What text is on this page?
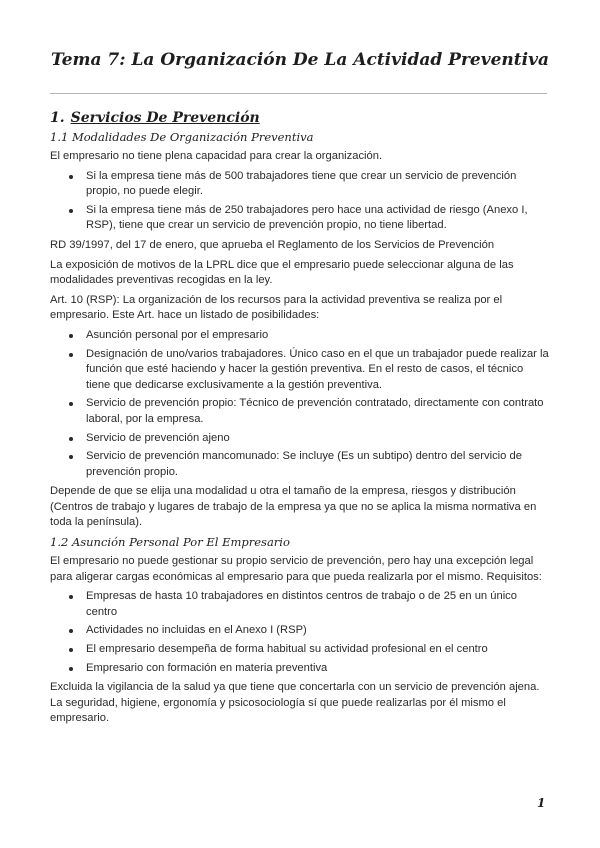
Tema 7: La Organización De La Actividad Preventiva
1. Servicios De Prevención
1.1 Modalidades De Organización Preventiva

El empresario no tiene plena capacidad para crear la organización.

Si la empresa tiene más de 500 trabajadores tiene que crear un servicio de prevención propio, no puede elegir.
Si la empresa tiene más de 250 trabajadores pero hace una actividad de riesgo (Anexo I, RSP), tiene que crear un servicio de prevención propio, no tiene libertad.

RD 39/1997, del 17 de enero, que aprueba el Reglamento de los Servicios de Prevención

La exposición de motivos de la LPRL dice que el empresario puede seleccionar alguna de las modalidades preventivas recogidas en la ley.

Art. 10 (RSP): La organización de los recursos para la actividad preventiva se realiza por el empresario. Este Art. hace un listado de posibilidades:

Asunción personal por el empresario
Designación de uno/varios trabajadores. Único caso en el que un trabajador puede realizar la función que esté haciendo y hacer la gestión preventiva. En el resto de casos, el técnico tiene que dedicarse exclusivamente a la gestión preventiva.
Servicio de prevención propio: Técnico de prevención contratado, directamente con contrato laboral, por la empresa.
Servicio de prevención ajeno
Servicio de prevención mancomunado: Se incluye (Es un subtipo) dentro del servicio de prevención propio.

Depende de que se elija una modalidad u otra el tamaño de la empresa, riesgos y distribución (Centros de trabajo y lugares de trabajo de la empresa ya que no se aplica la misma normativa en toda la península).

1.2 Asunción Personal Por El Empresario

El empresario no puede gestionar su propio servicio de prevención, pero hay una excepción legal para aligerar cargas económicas al empresario para que pueda realizarla por el mismo. Requisitos:

Empresas de hasta 10 trabajadores en distintos centros de trabajo o de 25 en un único centro
Actividades no incluidas en el Anexo I (RSP)
El empresario desempeña de forma habitual su actividad profesional en el centro
Empresario con formación en materia preventiva

Excluida la vigilancia de la salud ya que tiene que concertarla con un servicio de prevención ajena. La seguridad, higiene, ergonomía y psicosociología sí que puede realizarlas por él mismo el empresario.

1
